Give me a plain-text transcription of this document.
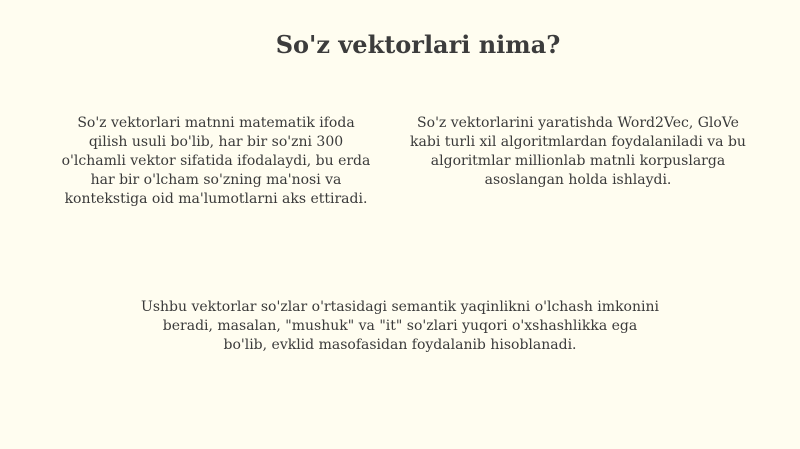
So'z vektorlari nima?

So'z vektorlari matnni matematik ifoda qilish usuli bo'lib, har bir so'zni 300 o'lchamli vektor sifatida ifodalaydi, bu erda har bir o'lcham so'zning ma'nosi va kontekstiga oid ma'lumotlarni aks ettiradi.

So'z vektorlarini yaratishda Word2Vec, GloVe kabi turli xil algoritmlardan foydalaniladi va bu algoritmlar millionlab matnli korpuslarga asoslangan holda ishlaydi.

Ushbu vektorlar so'zlar o'rtasidagi semantik yaqinlikni o'lchash imkonini beradi, masalan, "mushuk" va "it" so'zlari yuqori o'xshashlikka ega bo'lib, evklid masofasidan foydalanib hisoblanadi.
